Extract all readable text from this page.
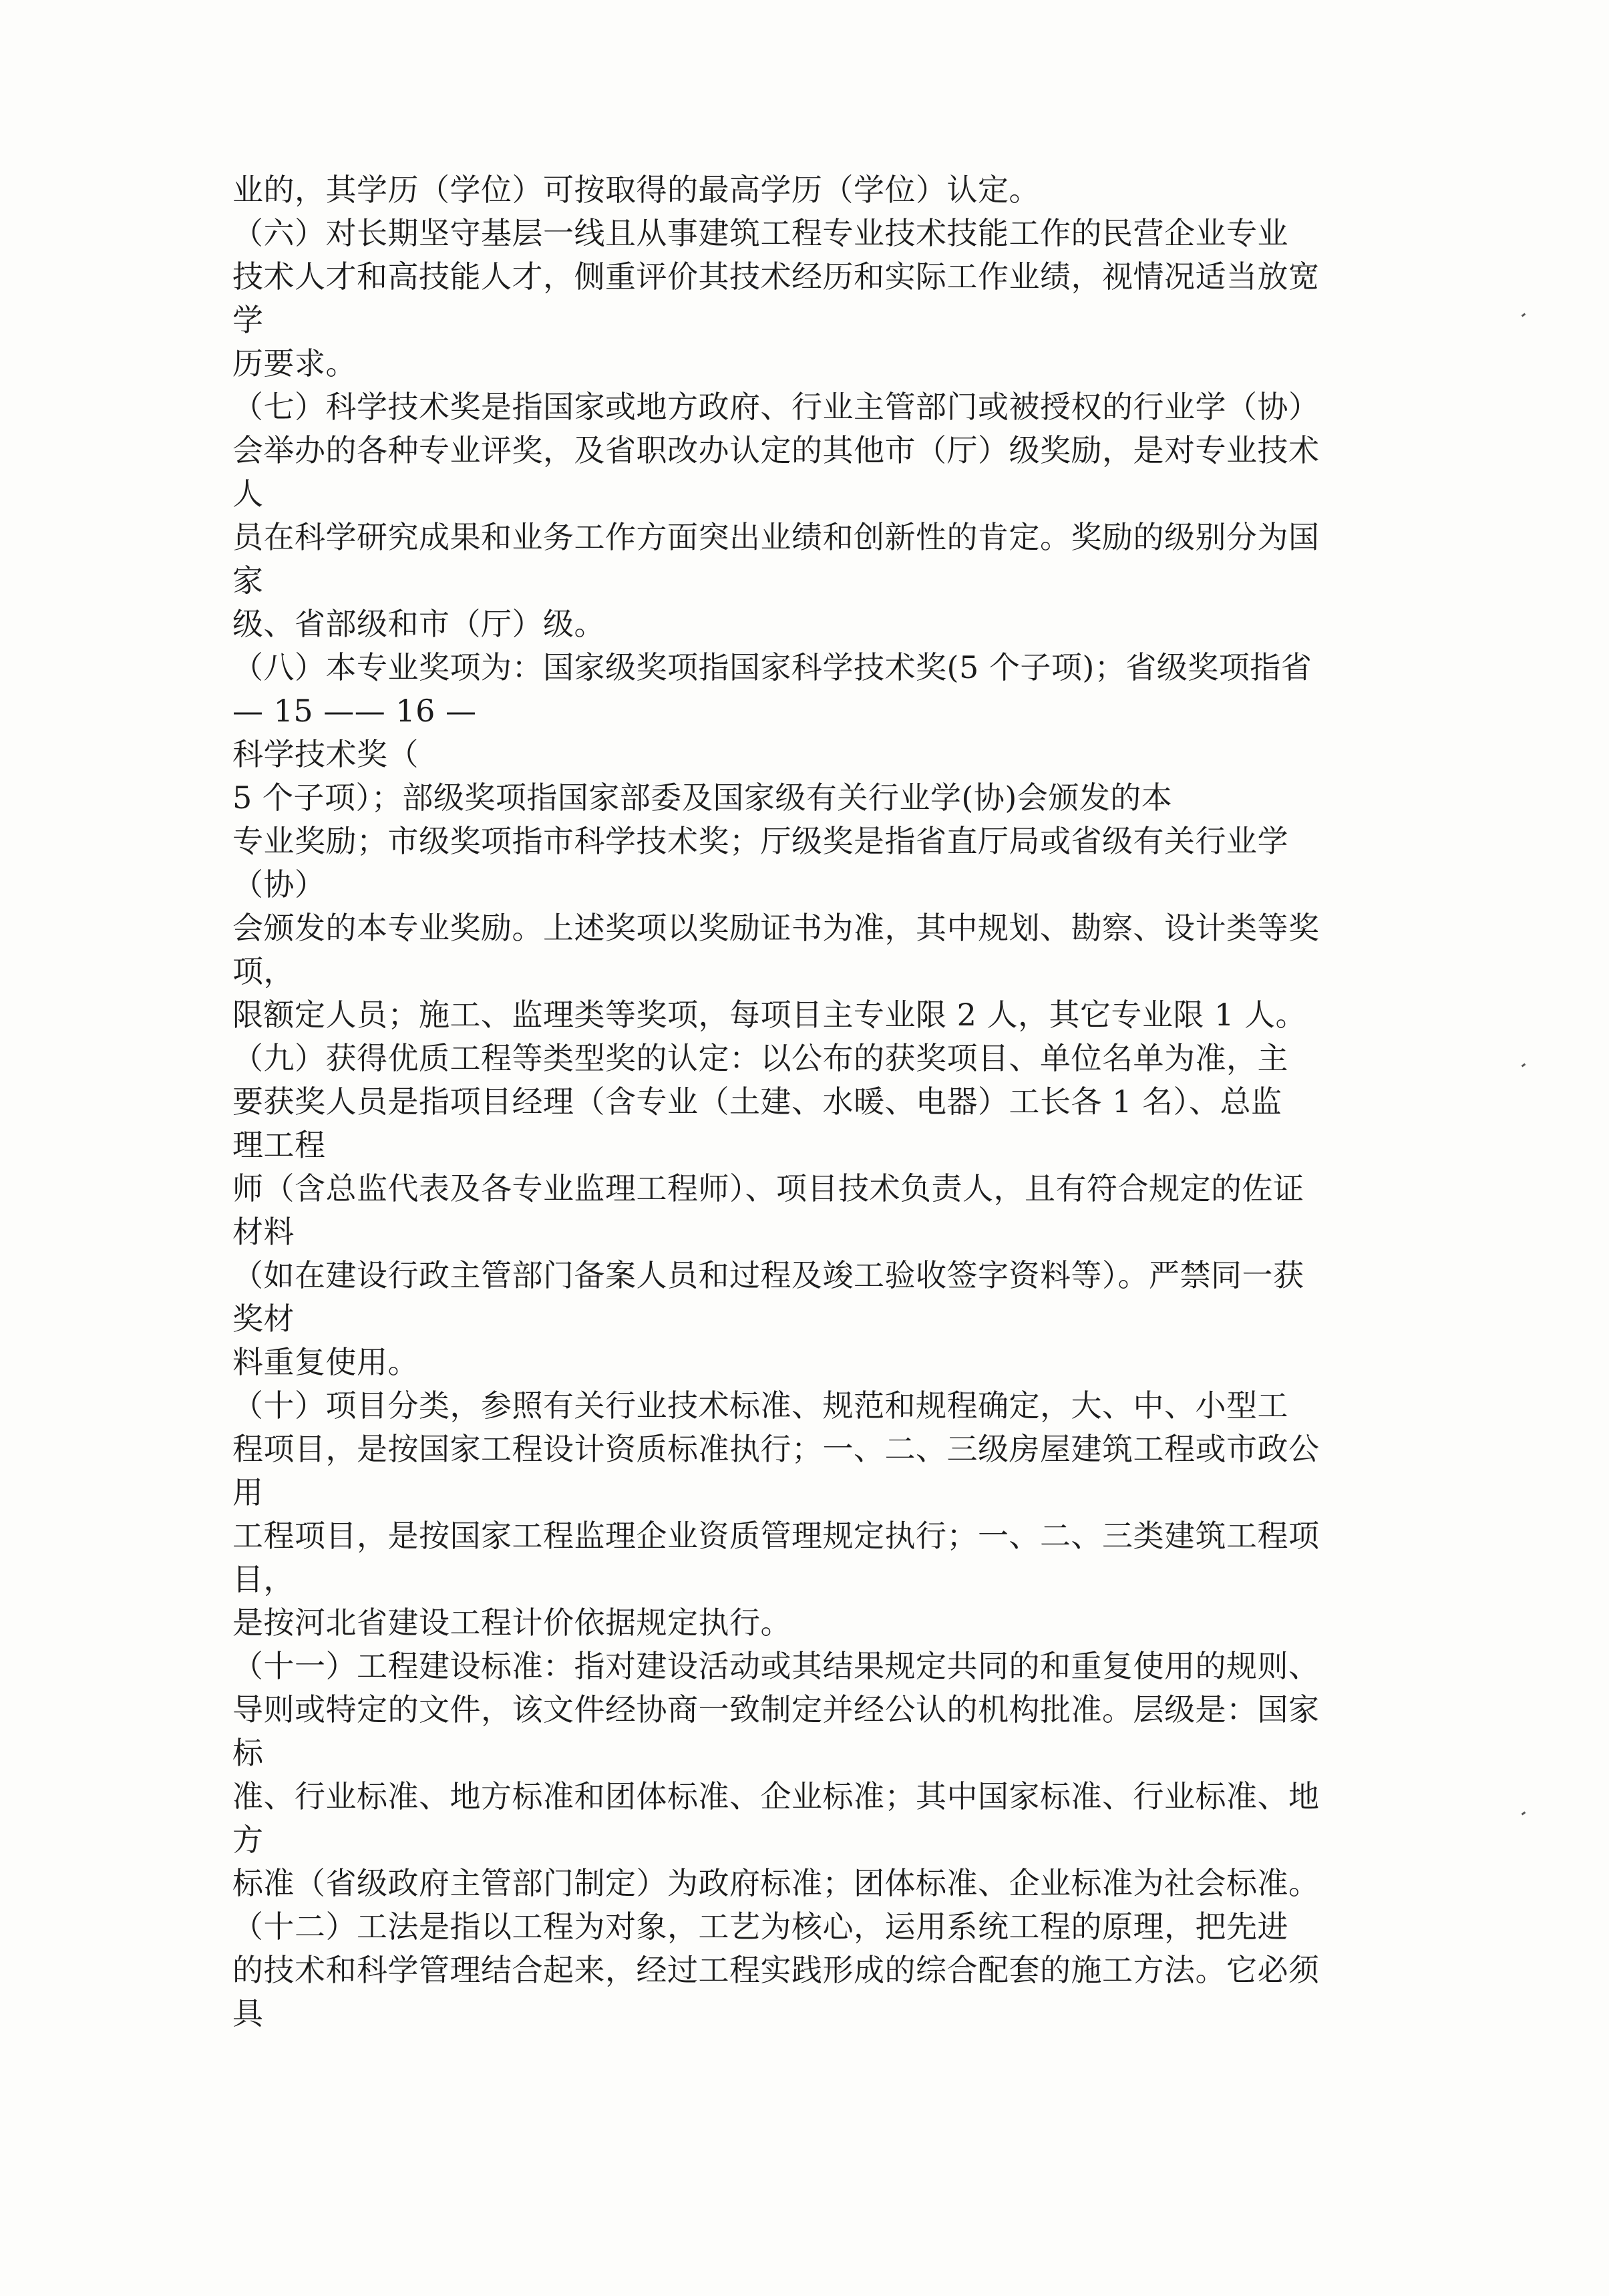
业的，其学历（学位）可按取得的最高学历（学位）认定。
（六）对长期坚守基层一线且从事建筑工程专业技术技能工作的民营企业专业
技术人才和高技能人才，侧重评价其技术经历和实际工作业绩，视情况适当放宽
学
历要求。
（七）科学技术奖是指国家或地方政府、行业主管部门或被授权的行业学（协）
会举办的各种专业评奖，及省职改办认定的其他市（厅）级奖励，是对专业技术
人
员在科学研究成果和业务工作方面突出业绩和创新性的肯定。奖励的级别分为国
家
级、省部级和市（厅）级。
（八）本专业奖项为：国家级奖项指国家科学技术奖(5 个子项)；省级奖项指省
— 15 —— 16 —
科学技术奖（
5 个子项）；部级奖项指国家部委及国家级有关行业学(协)会颁发的本
专业奖励；市级奖项指市科学技术奖；厅级奖是指省直厅局或省级有关行业学
（协）
会颁发的本专业奖励。上述奖项以奖励证书为准，其中规划、勘察、设计类等奖
项，
限额定人员；施工、监理类等奖项，每项目主专业限 2 人，其它专业限 1 人。
（九）获得优质工程等类型奖的认定：以公布的获奖项目、单位名单为准，主
要获奖人员是指项目经理（含专业（土建、水暖、电器）工长各 1 名）、总监
理工程
师（含总监代表及各专业监理工程师）、项目技术负责人，且有符合规定的佐证
材料
（如在建设行政主管部门备案人员和过程及竣工验收签字资料等）。严禁同一获
奖材
料重复使用。
（十）项目分类，参照有关行业技术标准、规范和规程确定，大、中、小型工
程项目，是按国家工程设计资质标准执行；一、二、三级房屋建筑工程或市政公
用
工程项目，是按国家工程监理企业资质管理规定执行；一、二、三类建筑工程项
目，
是按河北省建设工程计价依据规定执行。
（十一）工程建设标准：指对建设活动或其结果规定共同的和重复使用的规则、
导则或特定的文件，该文件经协商一致制定并经公认的机构批准。层级是：国家
标
准、行业标准、地方标准和团体标准、企业标准；其中国家标准、行业标准、地
方
标准（省级政府主管部门制定）为政府标准；团体标准、企业标准为社会标准。
（十二）工法是指以工程为对象，工艺为核心，运用系统工程的原理，把先进
的技术和科学管理结合起来，经过工程实践形成的综合配套的施工方法。它必须
具
